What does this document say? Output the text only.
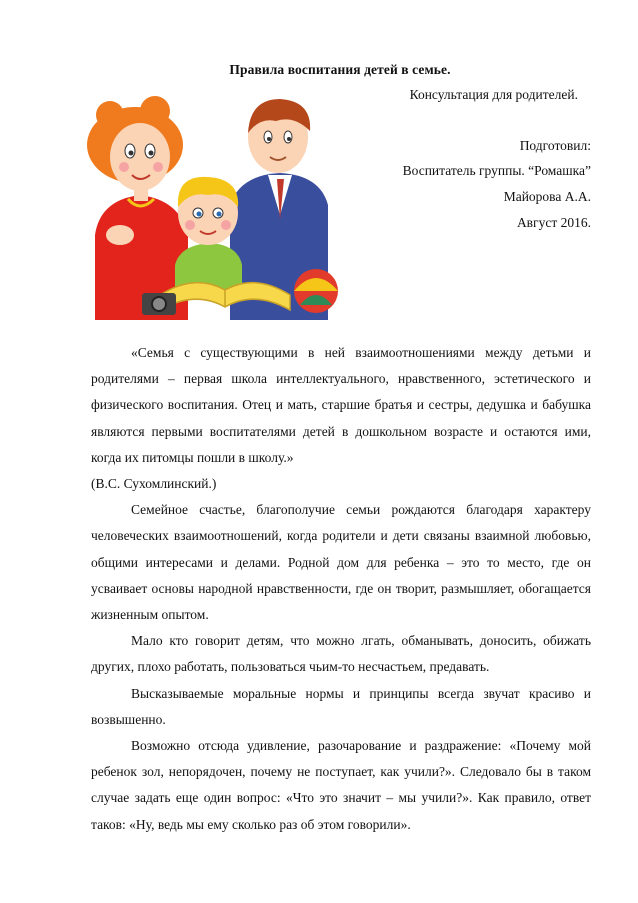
Правила воспитания детей в семье.
Консультация для родителей.
Подготовил:
Воспитатель группы. “Ромашка”
Майорова А.А.
Август 2016.

«Семья с существующими в ней взаимоотношениями между детьми и родителями – первая школа интеллектуального, нравственного, эстетического и физического воспитания. Отец и мать, старшие братья и сестры, дедушка и бабушка являются первыми воспитателями детей в дошкольном возрасте и остаются ими, когда их питомцы пошли в школу.»

(В.С. Сухомлинский.)

Семейное счастье, благополучие семьи рождаются благодаря характеру человеческих взаимоотношений, когда родители и дети связаны взаимной любовью, общими интересами и делами. Родной дом для ребенка – это то место, где он усваивает основы народной нравственности, где он творит, размышляет, обогащается жизненным опытом.

Мало кто говорит детям, что можно лгать, обманывать, доносить, обижать других, плохо работать, пользоваться чьим-то несчастьем, предавать.

Высказываемые моральные нормы и принципы всегда звучат красиво и возвышенно.

Возможно отсюда удивление, разочарование и раздражение: «Почему мой ребенок зол, непорядочен, почему не поступает, как учили?». Следовало бы в таком случае задать еще один вопрос: «Что это значит – мы учили?». Как правило, ответ таков: «Ну, ведь мы ему сколько раз об этом говорили».
